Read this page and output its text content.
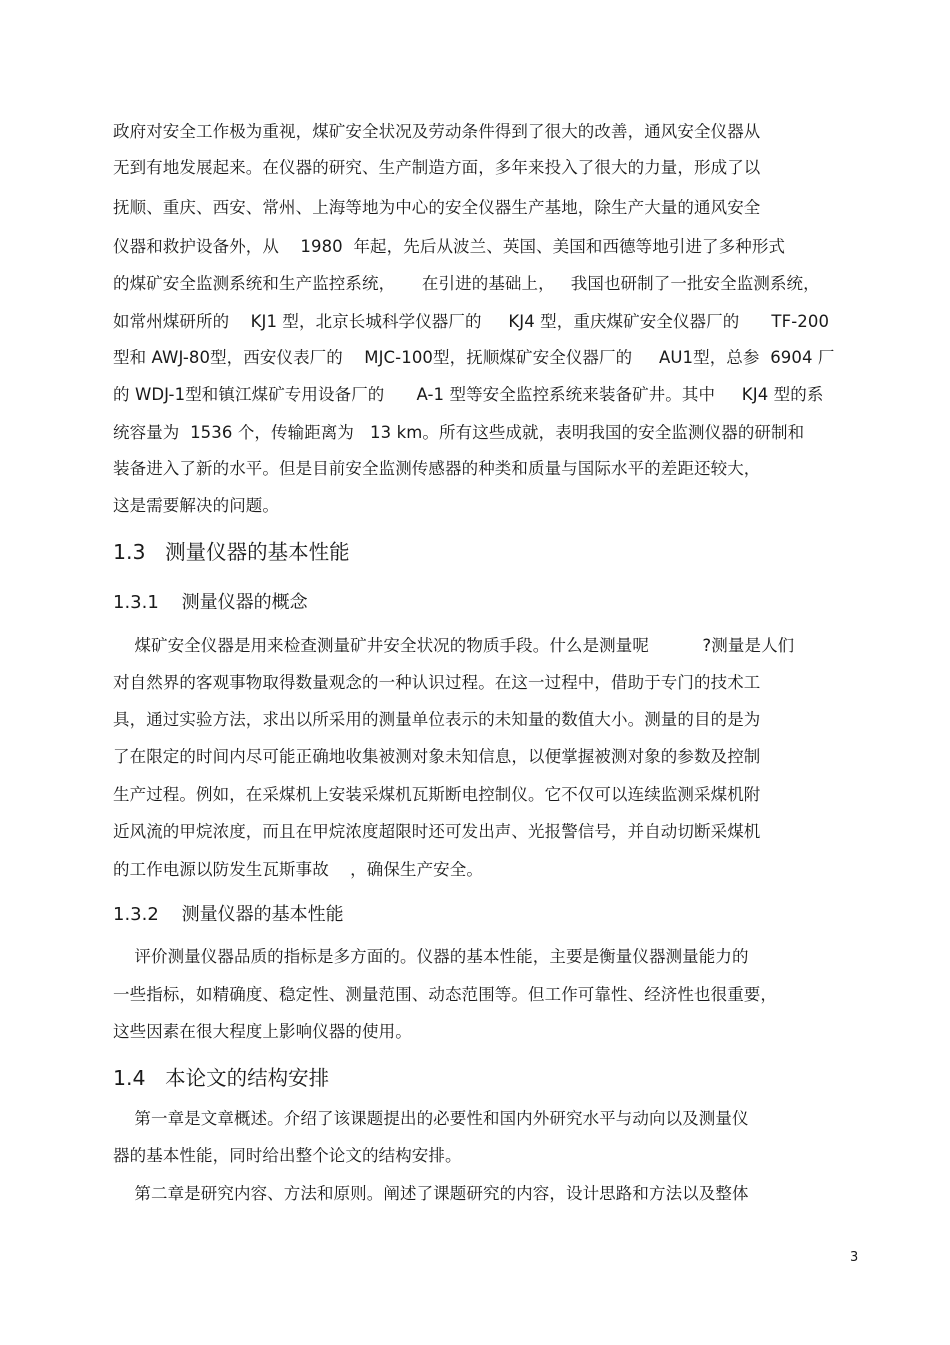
政府对安全工作极为重视，煤矿安全状况及劳动条件得到了很大的改善，通风安全仪器从
无到有地发展起来。在仪器的研究、生产制造方面，多年来投入了很大的力量，形成了以
抚顺、重庆、西安、常州、上海等地为中心的安全仪器生产基地，除生产大量的通风安全
仪器和救护设备外，从    1980  年起，先后从波兰、英国、美国和西德等地引进了多种形式
的煤矿安全监测系统和生产监控系统，     在引进的基础上，   我国也研制了一批安全监测系统，
如常州煤研所的    KJ1 型，北京长城科学仪器厂的     KJ4 型，重庆煤矿安全仪器厂的      TF-200
型和 AWJ-80型，西安仪表厂的    MJC-100型，抚顺煤矿安全仪器厂的     AU1型，总参  6904 厂
的 WDJ-1型和镇江煤矿专用设备厂的      A-1 型等安全监控系统来装备矿井。其中     KJ4 型的系
统容量为  1536 个，传输距离为   13 km。所有这些成就，表明我国的安全监测仪器的研制和
装备进入了新的水平。但是目前安全监测传感器的种类和质量与国际水平的差距还较大，
这是需要解决的问题。
1.3   测量仪器的基本性能
1.3.1    测量仪器的概念
煤矿安全仪器是用来检查测量矿井安全状况的物质手段。什么是测量呢          ?测量是人们
对自然界的客观事物取得数量观念的一种认识过程。在这一过程中，借助于专门的技术工
具，通过实验方法，求出以所采用的测量单位表示的未知量的数值大小。测量的目的是为
了在限定的时间内尽可能正确地收集被测对象未知信息，以便掌握被测对象的参数及控制
生产过程。例如，在采煤机上安装采煤机瓦斯断电控制仪。它不仅可以连续监测采煤机附
近风流的甲烷浓度，而且在甲烷浓度超限时还可发出声、光报警信号，并自动切断采煤机
的工作电源以防发生瓦斯事故    ，确保生产安全。
1.3.2    测量仪器的基本性能
评价测量仪器品质的指标是多方面的。仪器的基本性能，主要是衡量仪器测量能力的
一些指标，如精确度、稳定性、测量范围、动态范围等。但工作可靠性、经济性也很重要，
这些因素在很大程度上影响仪器的使用。
1.4   本论文的结构安排
第一章是文章概述。介绍了该课题提出的必要性和国内外研究水平与动向以及测量仪
器的基本性能，同时给出整个论文的结构安排。
第二章是研究内容、方法和原则。阐述了课题研究的内容，设计思路和方法以及整体
3
